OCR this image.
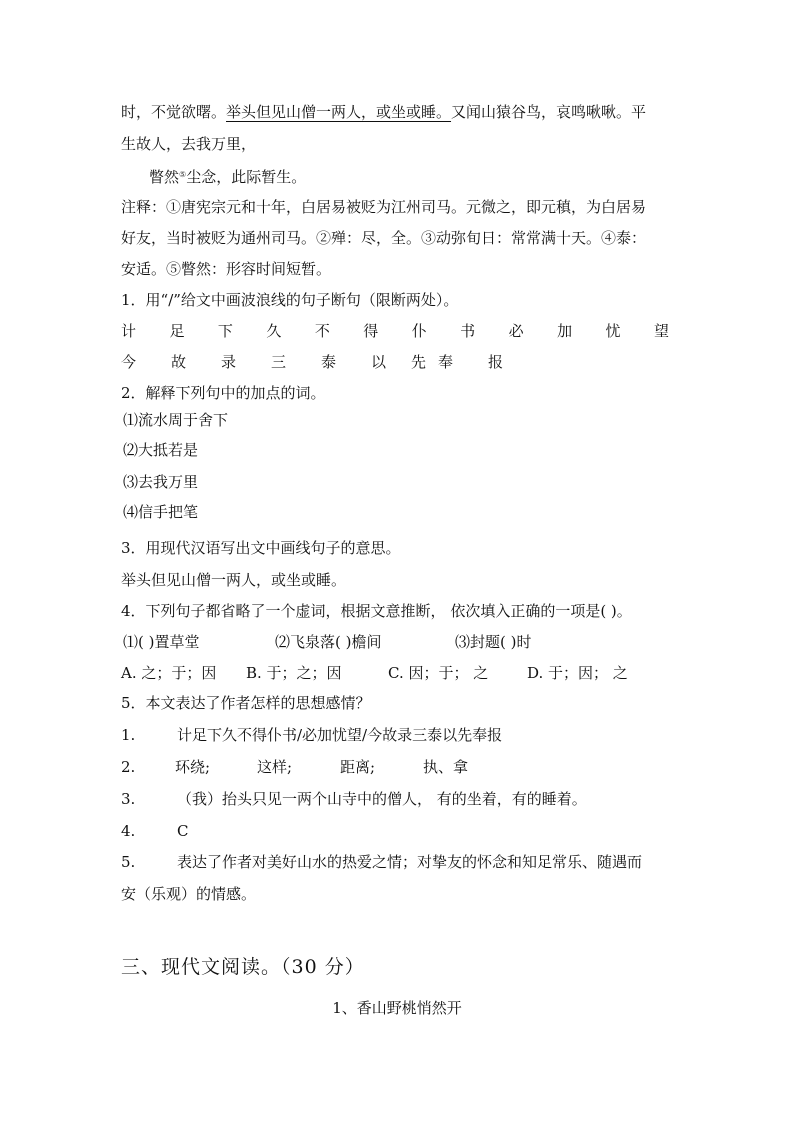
时，不觉欲曙。举头但见山僧一两人，或坐或睡。又闻山猿谷鸟，哀鸣啾啾。平
生故人，去我万里，
瞥然⑤尘念，此际暂生。
注释：①唐宪宗元和十年，白居易被贬为江州司马。元微之，即元稹，为白居易
好友，当时被贬为通州司马。②殚：尽，全。③动弥旬日：常常满十天。④泰：
安适。⑤瞥然：形容时间短暂。
1．用“/”给文中画波浪线的句子断句（限断两处）。
计 足 下 久 不 得 仆 书 必 加 忧 望
今 故 录 三 泰 以 先 奉 报
2．解释下列句中的加点的词。
⑴流水周于舍下
⑵大抵若是
⑶去我万里
⑷信手把笔
3．用现代汉语写出文中画线句子的意思。
举头但见山僧一两人，或坐或睡。
4．下列句子都省略了一个虚词，根据文意推断， 依次填入正确的一项是( )。
⑴( )置草堂	⑵飞泉落( )檐间	⑶封题( )时
A. 之；于；因 B. 于；之；因	C. 因；于； 之	D. 于；因； 之
5．本文表达了作者怎样的思想感情？
1.	计足下久不得仆书/必加忧望/今故录三泰以先奉报
2.	环绕;	这样;	距离;	执、拿
3.	（我）抬头只见一两个山寺中的僧人， 有的坐着，有的睡着。
4.	C
5.	表达了作者对美好山水的热爱之情；对挚友的怀念和知足常乐、随遇而
安（乐观）的情感。
三、现代文阅读。（30 分）
1、香山野桃悄然开
